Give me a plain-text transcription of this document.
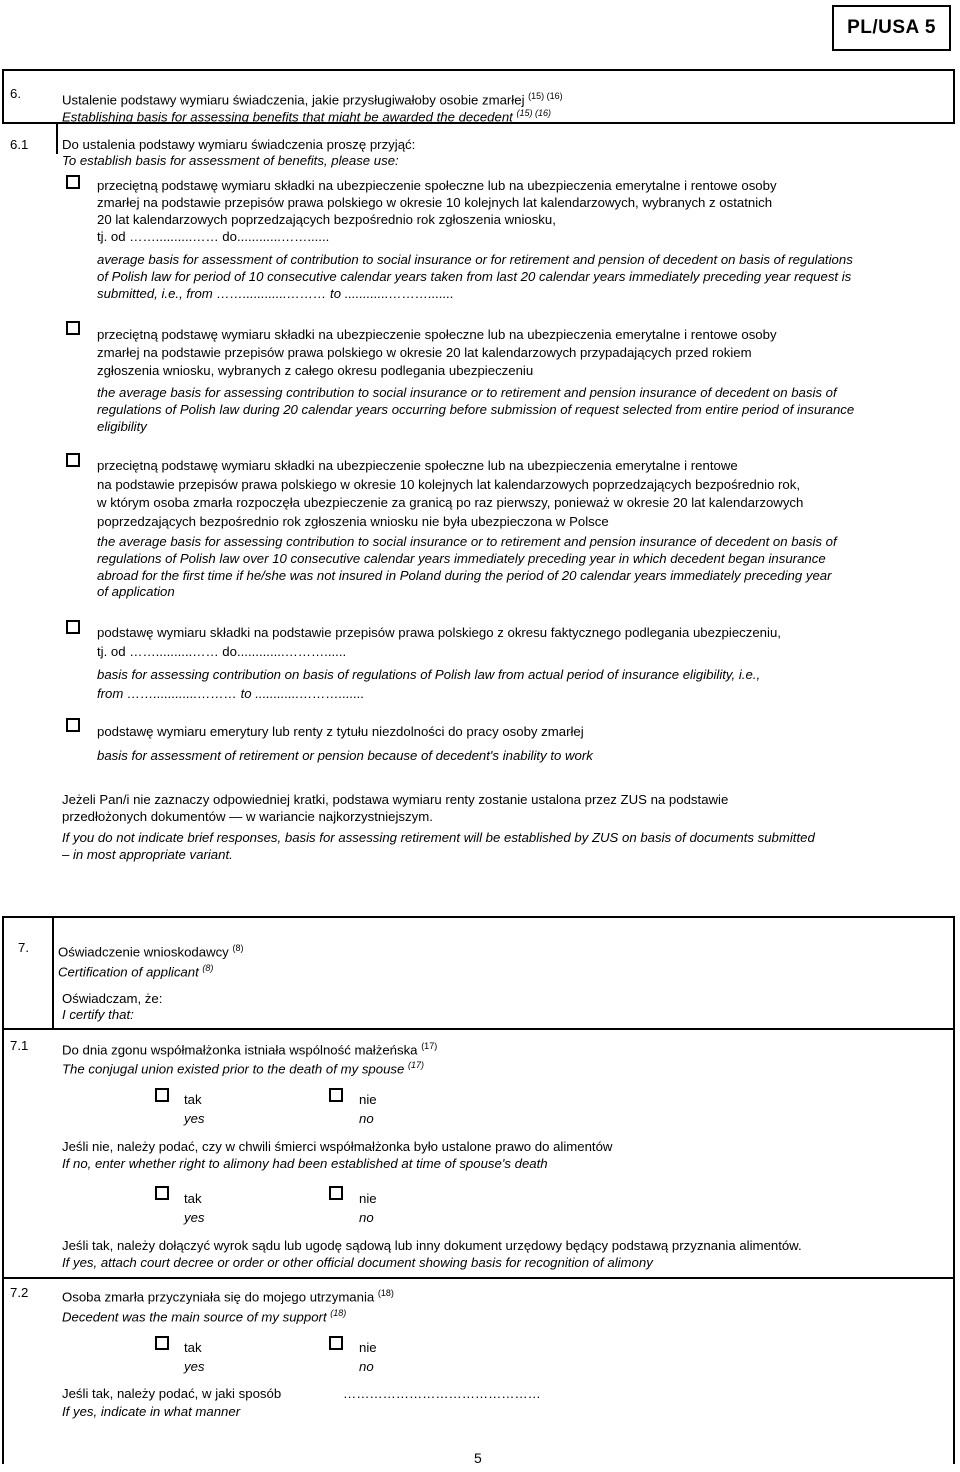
PL/USA 5
6.	Ustalenie podstawy wymiaru świadczenia, jakie przysługiwałoby osobie zmarłej $^{(15) (16)}$
Establishing basis for assessing benefits that might be awarded the decedent $^{(15) (16)}$
6.1	Do ustalenia podstawy wymiaru świadczenia proszę przyjąć:
To establish basis for assessment of benefits, please use:
przeciętną podstawę wymiaru składki na ubezpieczenie społeczne lub na ubezpieczenia emerytalne i rentowe osoby
zmarłej na podstawie przepisów prawa polskiego w okresie 10 kolejnych lat kalendarzowych, wybranych z ostatnich
20 lat kalendarzowych poprzedzających bezpośrednio rok zgłoszenia wniosku,
tj. od ……..........…… do............……......
average basis for assessment of contribution to social insurance or for retirement and pension of decedent on basis of regulations
of Polish law for period of 10 consecutive calendar years taken from last 20 calendar years immediately preceding year request is
submitted, i.e., from ……............……… to ............……….......
przeciętną podstawę wymiaru składki na ubezpieczenie społeczne lub na ubezpieczenia emerytalne i rentowe osoby
zmarłej na podstawie przepisów prawa polskiego w okresie 20 lat kalendarzowych przypadających przed rokiem
zgłoszenia wniosku, wybranych z całego okresu podlegania ubezpieczeniu
the average basis for assessing contribution to social insurance or to retirement and pension insurance of decedent on basis of
regulations of Polish law during 20 calendar years occurring before submission of request selected from entire period of insurance
eligibility
przeciętną podstawę wymiaru składki na ubezpieczenie społeczne lub na ubezpieczenia emerytalne i rentowe
na podstawie przepisów prawa polskiego w okresie 10 kolejnych lat kalendarzowych poprzedzających bezpośrednio rok,
w którym osoba zmarła rozpoczęła ubezpieczenie za granicą po raz pierwszy, ponieważ w okresie 20 lat kalendarzowych
poprzedzających bezpośrednio rok zgłoszenia wniosku nie była ubezpieczona w Polsce
the average basis for assessing contribution to social insurance or to retirement and pension insurance of decedent on basis of
regulations of Polish law over 10 consecutive calendar years immediately preceding year in which decedent began insurance
abroad for the first time if he/she was not insured in Poland during the period of 20 calendar years immediately preceding year
of application
podstawę wymiaru składki na podstawie przepisów prawa polskiego z okresu faktycznego podlegania ubezpieczeniu,
tj. od ……..........…… do.............………......
basis for assessing contribution on basis of regulations of Polish law from actual period of insurance eligibility, i.e.,
from ……............……… to ............……….......
podstawę wymiaru emerytury lub renty z tytułu niezdolności do pracy osoby zmarłej
basis for assessment of retirement or pension because of decedent's inability to work
Jeżeli Pan/i nie zaznaczy odpowiedniej kratki, podstawa wymiaru renty zostanie ustalona przez ZUS na podstawie
przedłożonych dokumentów — w wariancie najkorzystniejszym.
If you do not indicate brief responses, basis for assessing retirement will be established by ZUS on basis of documents submitted
– in most appropriate variant.
7. Oświadczenie wnioskodawcy $^{(8)}$
Certification of applicant $^{(8)}$
Oświadczam, że:
I certify that:
7.1	Do dnia zgonu współmałżonka istniała wspólność małżeńska $^{(17)}$
The conjugal union existed prior to the death of my spouse $^{(17)}$
tak
yes
nie
no
Jeśli nie, należy podać, czy w chwili śmierci współmałżonka było ustalone prawo do alimentów
If no, enter whether right to alimony had been established at time of spouse's death
tak
yes
nie
no
Jeśli tak, należy dołączyć wyrok sądu lub ugodę sądową lub inny dokument urzędowy będący podstawą przyznania alimentów.
If yes, attach court decree or order or other official document showing basis for recognition of alimony
7.2	Osoba zmarła przyczyniała się do mojego utrzymania $^{(18)}$
Decedent was the main source of my support $^{(18)}$
tak
yes
nie
no
Jeśli tak, należy podać, w jaki sposób	………………………………………
If yes, indicate in what manner
5
